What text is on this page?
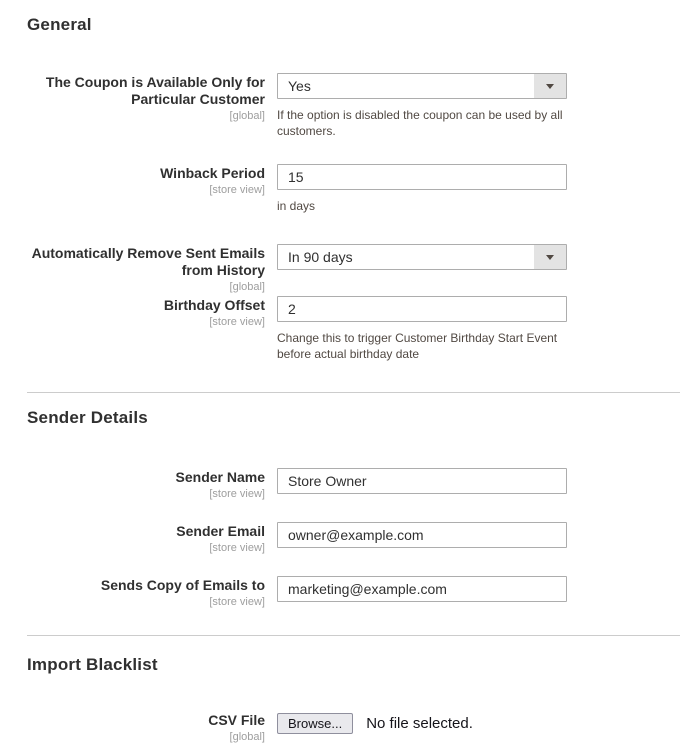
General
The Coupon is Available Only for Particular Customer
[global]
Yes

If the option is disabled the coupon can be used by all customers.

Winback Period
[store view]
15

in days

Automatically Remove Sent Emails from History
[global]
In 90 days
Birthday Offset
[store view]
2

Change this to trigger Customer Birthday Start Event before actual birthday date

Sender Details
Sender Name
[store view]
Store Owner
Sender Email
[store view]
owner@example.com
Sends Copy of Emails to
[store view]
marketing@example.com
Import Blacklist
CSV File
[global]
Browse...	No file selected.
